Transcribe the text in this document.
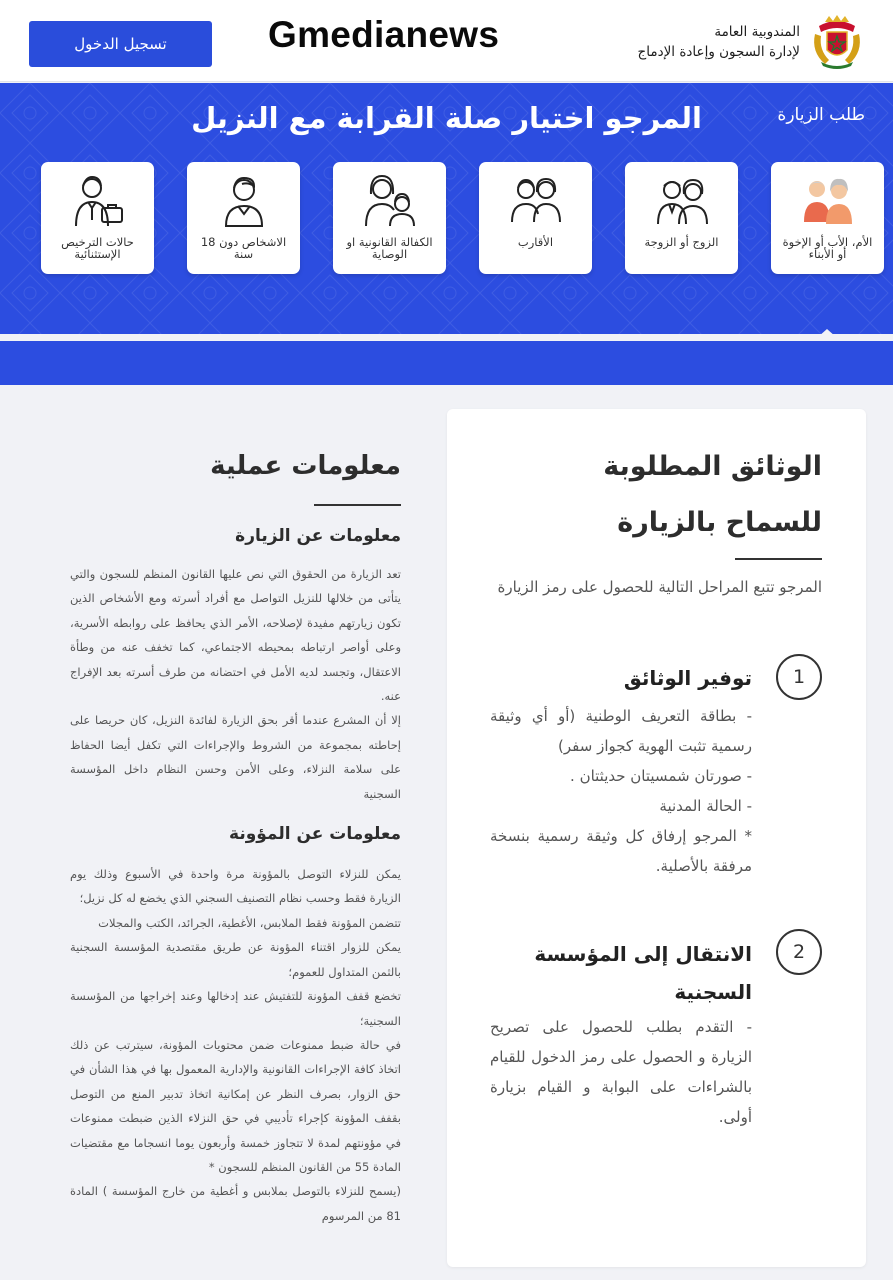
تسجيل الدخول	Gmedianews	المندوبية العامة
لإدارة السجون وإعادة الإدماج
المرجو اختيار صلة القرابة مع النزيل	طلب الزيارة
الأم، الأب أو الإخوة أو الأبناء
الزوج أو الزوجة
الأقارب
الكفالة القانونية او الوصاية
الاشخاص دون 18 سنة
حالات الترخيص الإستثنائية
الوثائق المطلوبة للسماح بالزيارة
المرجو تتبع المراحل التالية للحصول على رمز الزيارة
1
توفير الوثائق

- بطاقة التعريف الوطنية (أو أي وثيقة رسمية تثبت الهوية كجواز سفر)

- صورتان شمسيتان حديثتان .

- الحالة المدنية

* المرجو إرفاق كل وثيقة رسمية بنسخة مرفقة بالأصلية.

2
الانتقال إلى المؤسسة السجنية

- التقدم بطلب للحصول على تصريح الزيارة و الحصول على رمز الدخول للقيام بالشراءات على البوابة و القيام بزيارة أولى.

معلومات عملية
معلومات عن الزيارة

تعد الزيارة من الحقوق التي نص عليها القانون المنظم للسجون والتي يتأتى من خلالها للنزيل التواصل مع أفراد أسرته ومع الأشخاص الذين تكون زيارتهم مفيدة لإصلاحه، الأمر الذي يحافظ على روابطه الأسرية، وعلى أواصر ارتباطه بمحيطه الاجتماعي، كما تخفف عنه من وطأة الاعتقال، وتجسد لديه الأمل في احتضانه من طرف أسرته بعد الإفراج عنه.

إلا أن المشرع عندما أقر بحق الزيارة لفائدة النزيل، كان حريصا على إحاطته بمجموعة من الشروط والإجراءات التي تكفل أيضا الحفاظ على سلامة النزلاء، وعلى الأمن وحسن النظام داخل المؤسسة السجنية

معلومات عن المؤونة

يمكن للنزلاء التوصل بالمؤونة مرة واحدة في الأسبوع وذلك يوم الزيارة فقط وحسب نظام التصنيف السجني الذي يخضع له كل نزيل؛

تتضمن المؤونة فقط الملابس، الأغطية، الجرائد، الكتب والمجلات

يمكن للزوار اقتناء المؤونة عن طريق مقتصدية المؤسسة السجنية بالثمن المتداول للعموم؛

تخضع قفف المؤونة للتفتيش عند إدخالها وعند إخراجها من المؤسسة السجنية؛

في حالة ضبط ممنوعات ضمن محتويات المؤونة، سيترتب عن ذلك اتخاذ كافة الإجراءات القانونية والإدارية المعمول بها في هذا الشأن في حق الزوار، بصرف النظر عن إمكانية اتخاذ تدبير المنع من التوصل بقفف المؤونة كإجراء تأديبي في حق النزلاء الذين ضبطت ممنوعات في مؤونتهم لمدة لا تتجاوز خمسة وأربعون يوما انسجاما مع مقتضيات المادة 55 من القانون المنظم للسجون *

(يسمح للنزلاء بالتوصل بملابس و أغطية من خارج المؤسسة ) المادة 81 من المرسوم
